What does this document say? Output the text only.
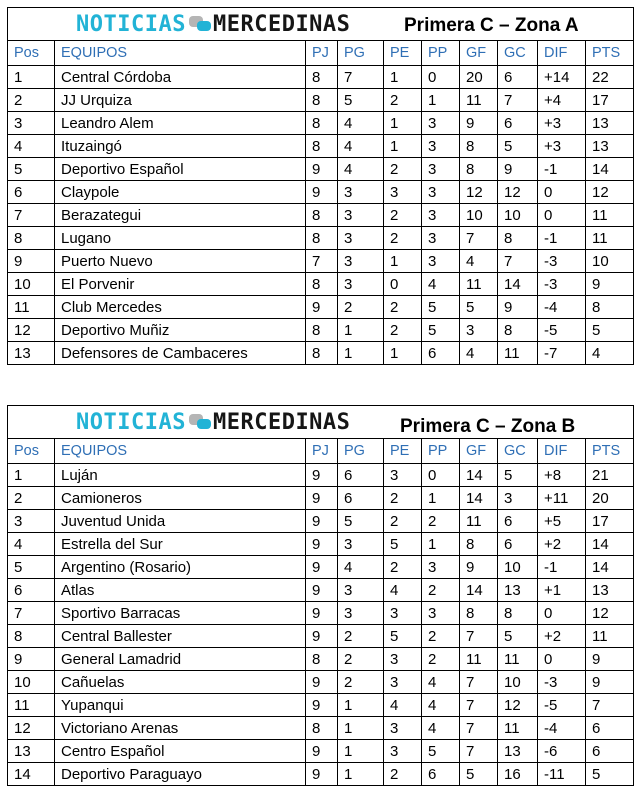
NOTICIAS MERCEDINAS Primera C – Zona A									

Pos	EQUIPOS	PJ	PG	PE	PP	GF	GC	DIF	PTS
1	Central Córdoba	8	7	1	0	20	6	+14	22
2	JJ Urquiza	8	5	2	1	11	7	+4	17
3	Leandro Alem	8	4	1	3	9	6	+3	13
4	Ituzaingó	8	4	1	3	8	5	+3	13
5	Deportivo Español	9	4	2	3	8	9	-1	14
6	Claypole	9	3	3	3	12	12	0	12
7	Berazategui	8	3	2	3	10	10	0	11
8	Lugano	8	3	2	3	7	8	-1	11
9	Puerto Nuevo	7	3	1	3	4	7	-3	10
10	El Porvenir	8	3	0	4	11	14	-3	9
11	Club Mercedes	9	2	2	5	5	9	-4	8
12	Deportivo Muñiz	8	1	2	5	3	8	-5	5
13	Defensores de Cambaceres	8	1	1	6	4	11	-7	4
NOTICIAS MERCEDINAS Primera C – Zona B									

Pos	EQUIPOS	PJ	PG	PE	PP	GF	GC	DIF	PTS
1	Luján	9	6	3	0	14	5	+8	21
2	Camioneros	9	6	2	1	14	3	+11	20
3	Juventud Unida	9	5	2	2	11	6	+5	17
4	Estrella del Sur	9	3	5	1	8	6	+2	14
5	Argentino (Rosario)	9	4	2	3	9	10	-1	14
6	Atlas	9	3	4	2	14	13	+1	13
7	Sportivo Barracas	9	3	3	3	8	8	0	12
8	Central Ballester	9	2	5	2	7	5	+2	11
9	General Lamadrid	8	2	3	2	11	11	0	9
10	Cañuelas	9	2	3	4	7	10	-3	9
11	Yupanqui	9	1	4	4	7	12	-5	7
12	Victoriano Arenas	8	1	3	4	7	11	-4	6
13	Centro Español	9	1	3	5	7	13	-6	6
14	Deportivo Paraguayo	9	1	2	6	5	16	-11	5
